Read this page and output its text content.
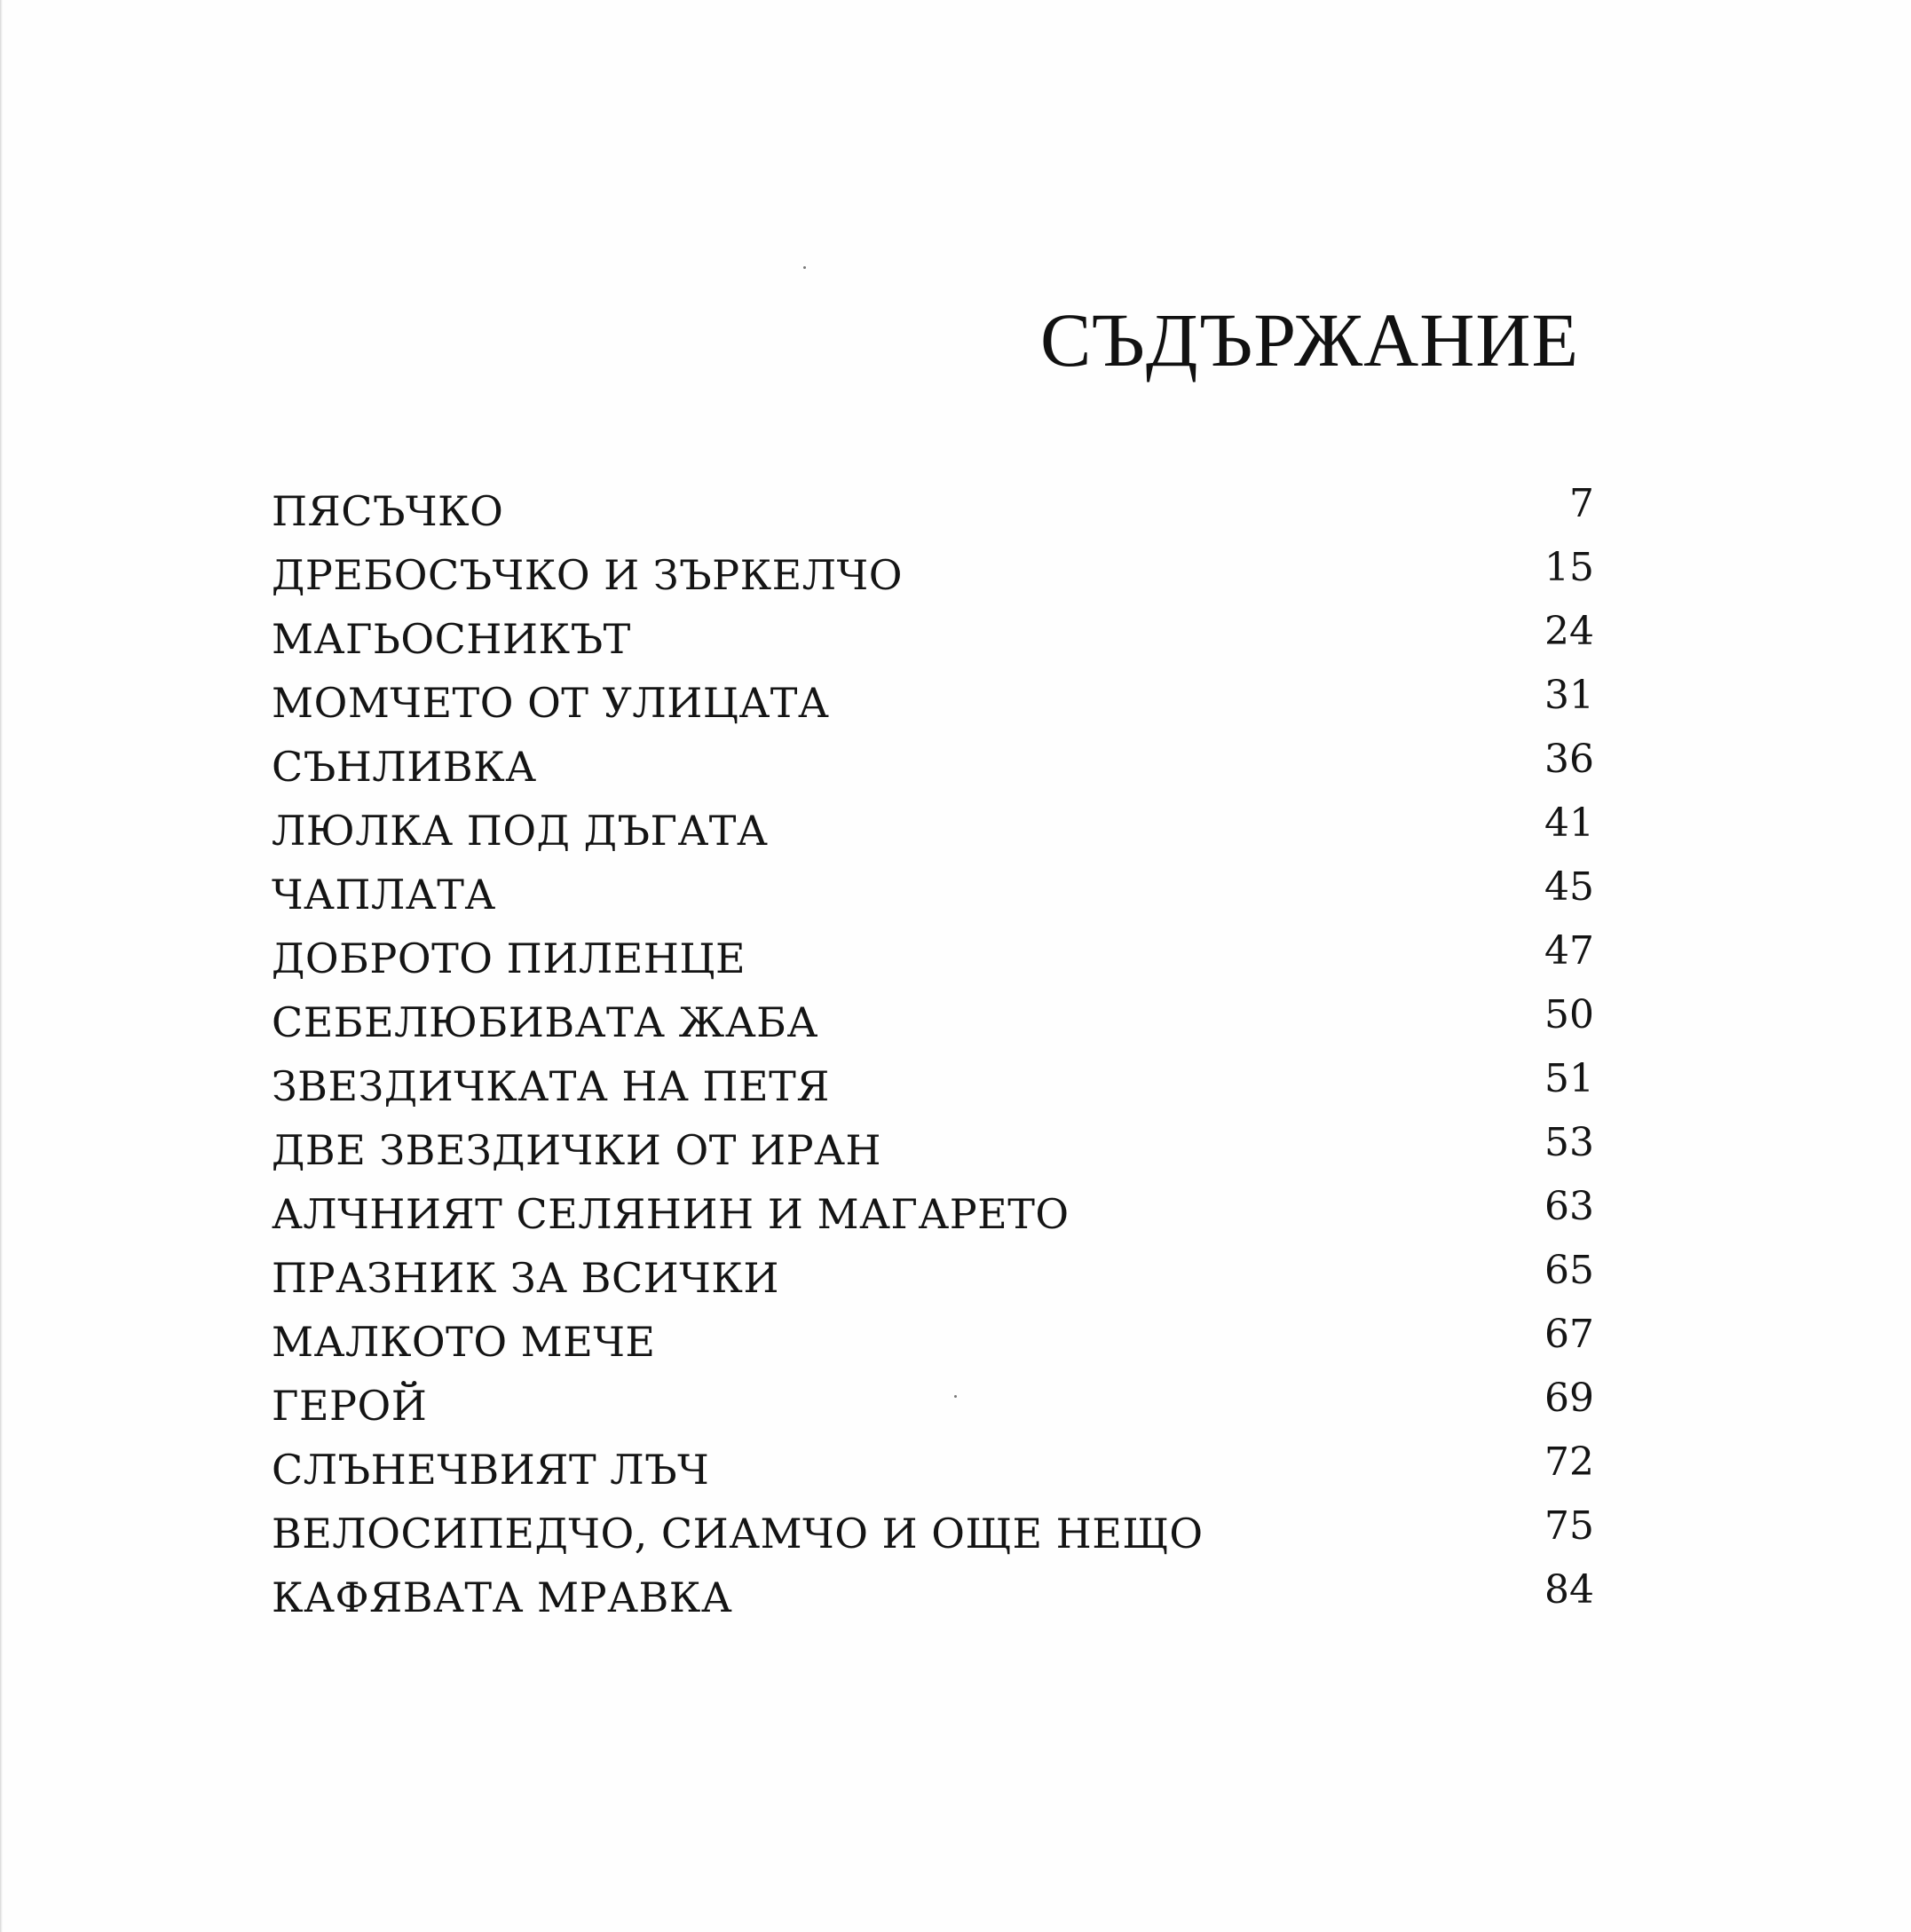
СЪДЪРЖАНИЕ
ПЯСЪЧКО	7
ДРЕБОСЪЧКО И ЗЪРКЕЛЧО	15
МАГЬОСНИКЪТ	24
МОМЧЕТО ОТ УЛИЦАТА	31
СЪНЛИВКА	36
ЛЮЛКА ПОД ДЪГАТА	41
ЧАПЛАТА	45
ДОБРОТО ПИЛЕНЦЕ	47
СЕБЕЛЮБИВАТА ЖАБА	50
ЗВЕЗДИЧКАТА НА ПЕТЯ	51
ДВЕ ЗВЕЗДИЧКИ ОТ ИРАН	53
АЛЧНИЯТ СЕЛЯНИН И МАГАРЕТО	63
ПРАЗНИК ЗА ВСИЧКИ	65
МАЛКОТО МЕЧЕ	67
ГЕРОЙ	69
СЛЪНЕЧВИЯТ ЛЪЧ	72
ВЕЛОСИПЕДЧО, СИАМЧО И ОЩЕ НЕЩО	75
КАФЯВАТА МРАВКА	84
